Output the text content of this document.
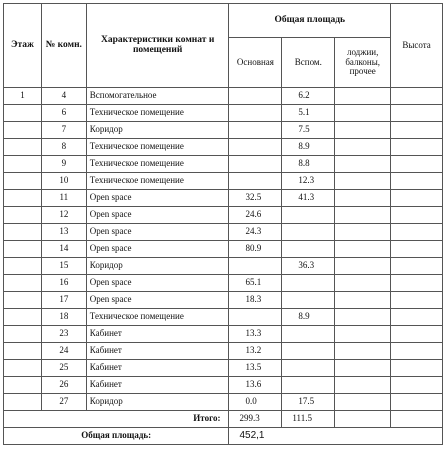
Этаж	№ комн.	Характеристики комнат и помещений	Общая площадь			Высота
			Основная	Вспом.	лоджии, балконы, прочее	
1	4	Вспомогательное		6.2		
	6	Техническое помещение		5.1		
	7	Коридор		7.5		
	8	Техническое помещение		8.9		
	9	Техническое помещение		8.8		
	10	Техническое помещение		12.3		
	11	Open space	32.5	41.3		
	12	Open space	24.6			
	13	Open space	24.3			
	14	Open space	80.9			
	15	Коридор		36.3		
	16	Open space	65.1			
	17	Open space	18.3			
	18	Техническое помещение		8.9		
	23	Кабинет	13.3			
	24	Кабинет	13.2			
	25	Кабинет	13.5			
	26	Кабинет	13.6			
	27	Коридор	0.0	17.5		
Итого:			299.3	111.5		
Общая площадь:			452,1			
